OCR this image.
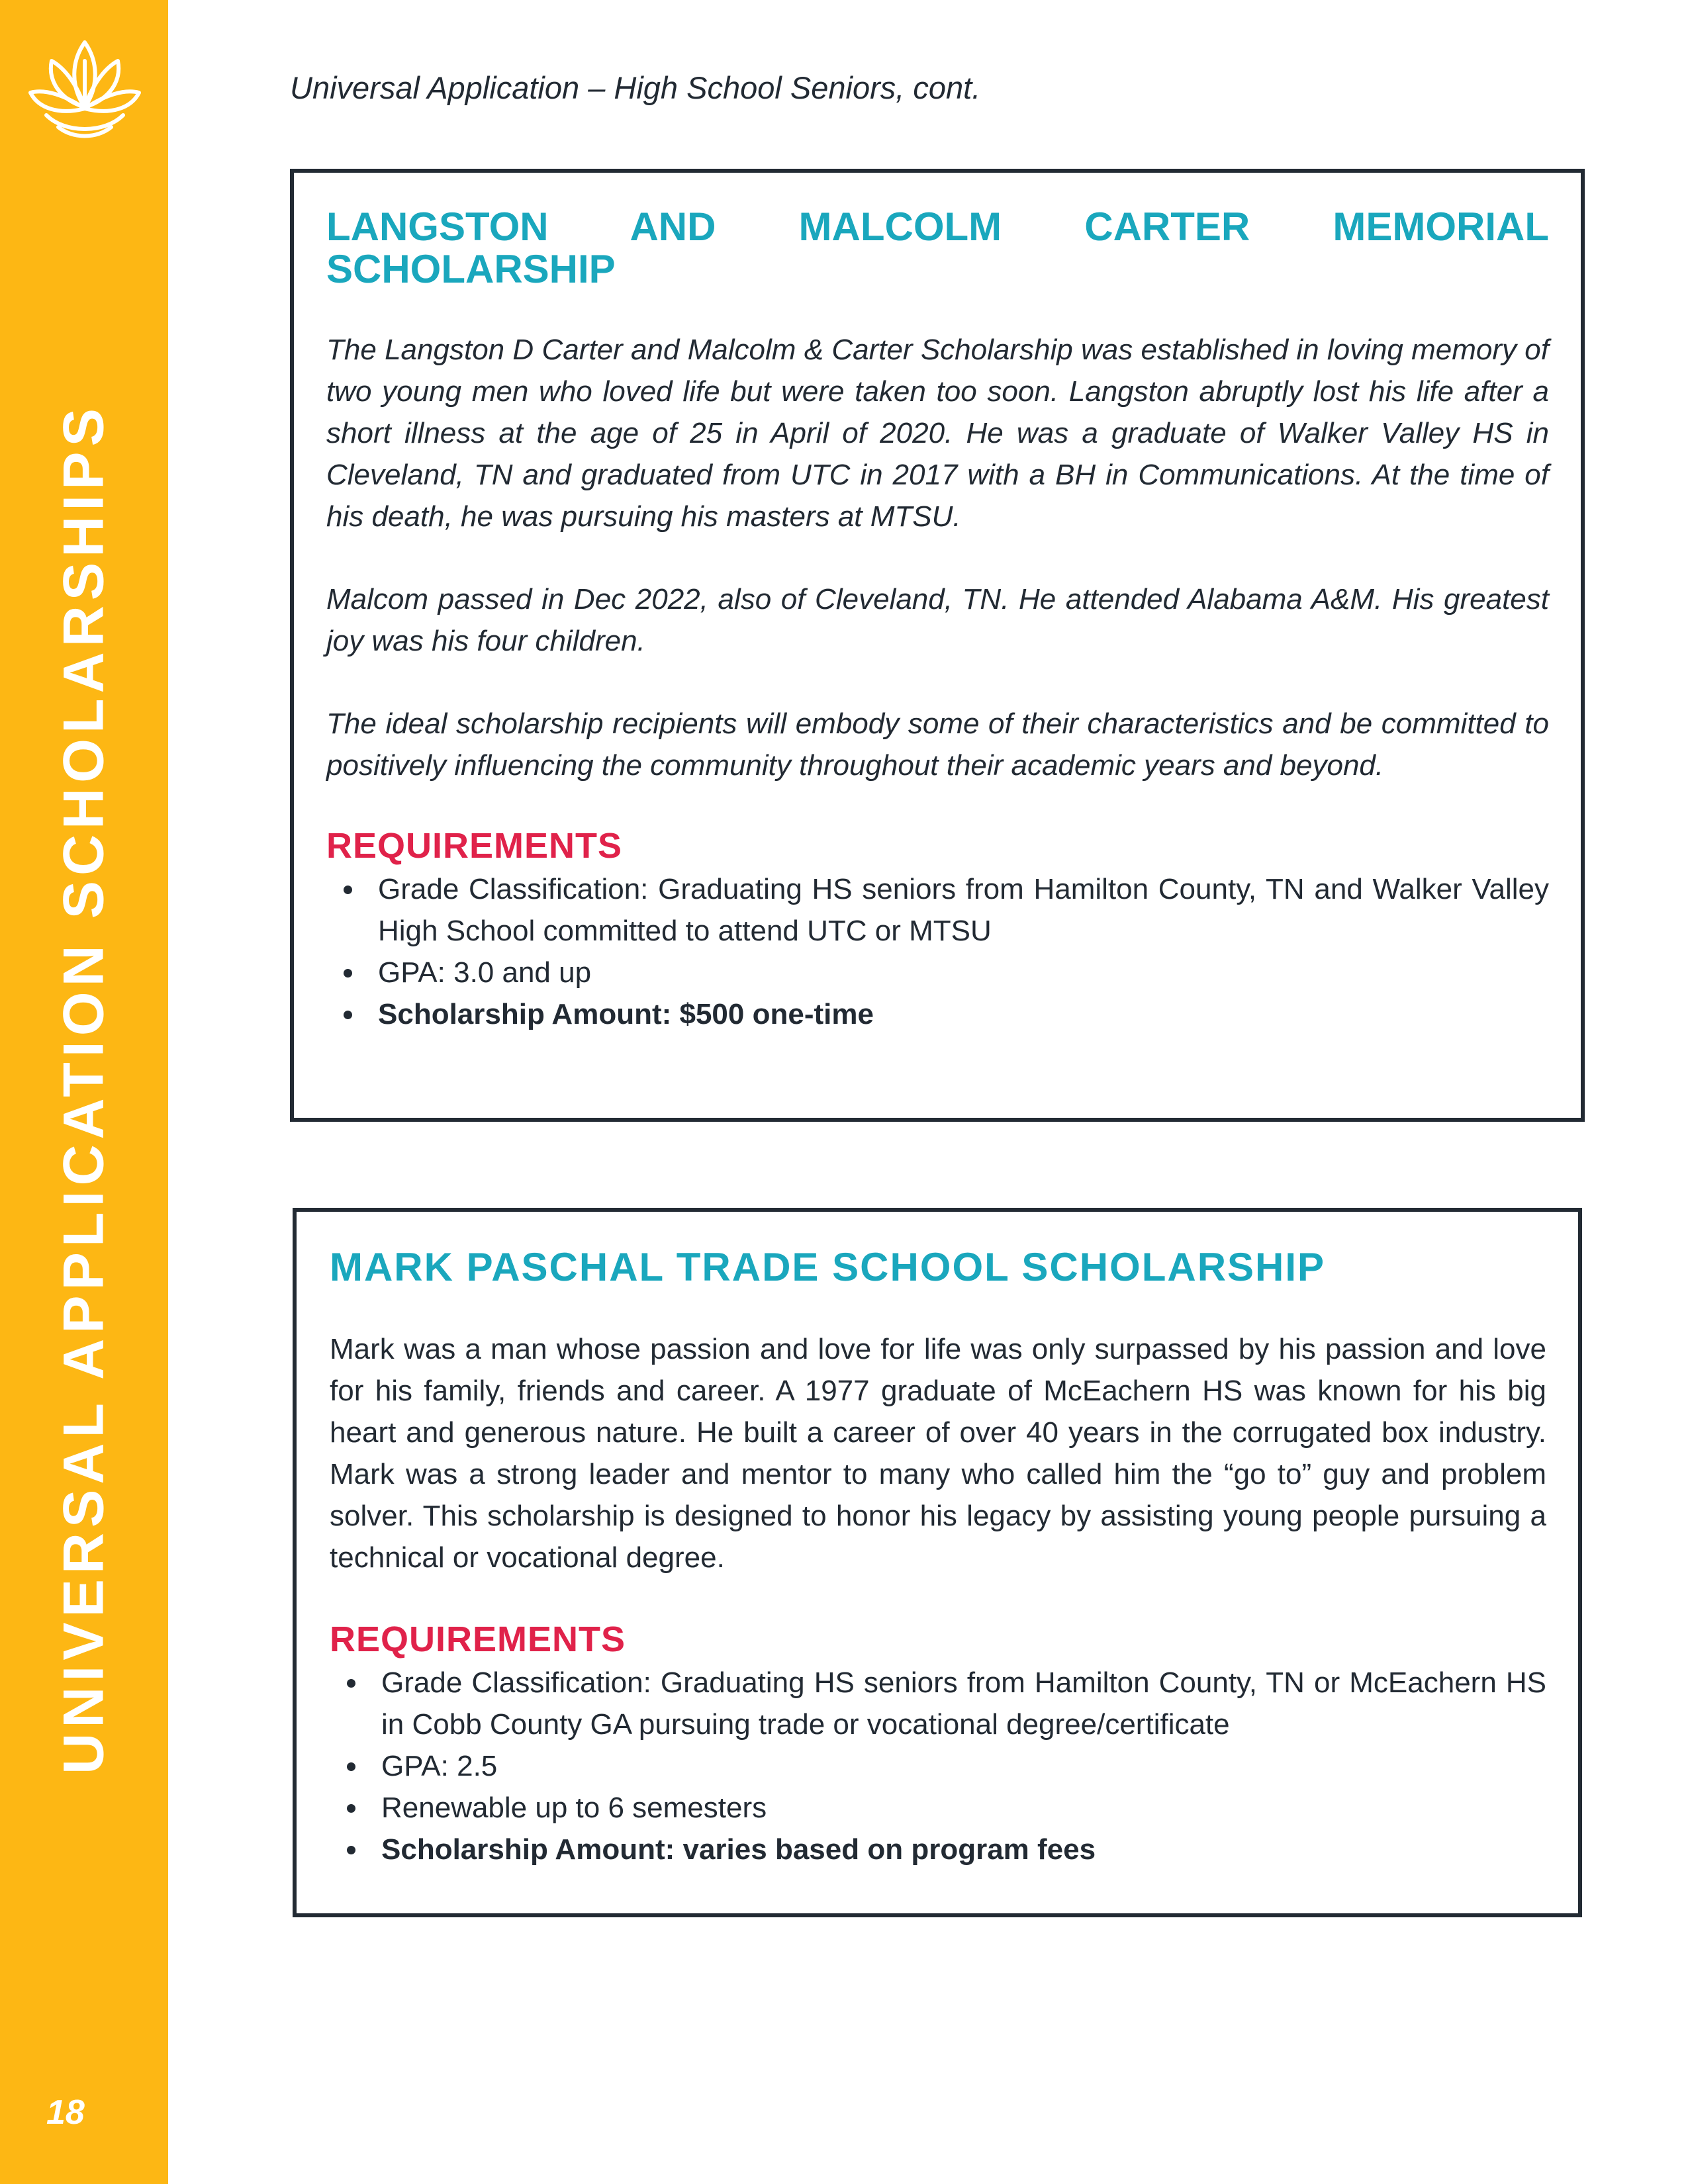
UNIVERSAL APPLICATION SCHOLARSHIPS
18
Universal Application – High School Seniors, cont.
LANGSTON AND MALCOLM CARTER MEMORIAL SCHOLARSHIP

The Langston D Carter and Malcolm & Carter Scholarship was established in loving memory of two young men who loved life but were taken too soon. Langston abruptly lost his life after a short illness at the age of 25 in April of 2020. He was a graduate of Walker Valley HS in Cleveland, TN and graduated from UTC in 2017 with a BH in Communications. At the time of his death, he was pursuing his masters at MTSU.

Malcom passed in Dec 2022, also of Cleveland, TN. He attended Alabama A&M. His greatest joy was his four children.

The ideal scholarship recipients will embody some of their characteristics and be committed to positively influencing the community throughout their academic years and beyond.

REQUIREMENTS
Grade Classification: Graduating HS seniors from Hamilton County, TN and Walker Valley High School committed to attend UTC or MTSU
GPA: 3.0 and up
Scholarship Amount: $500 one-time
MARK PASCHAL TRADE SCHOOL SCHOLARSHIP

Mark was a man whose passion and love for life was only surpassed by his passion and love for his family, friends and career. A 1977 graduate of McEachern HS was known for his big heart and generous nature. He built a career of over 40 years in the corrugated box industry. Mark was a strong leader and mentor to many who called him the “go to” guy and problem solver. This scholarship is designed to honor his legacy by assisting young people pursuing a technical or vocational degree.

REQUIREMENTS
Grade Classification: Graduating HS seniors from Hamilton County, TN or McEachern HS in Cobb County GA pursuing trade or vocational degree/certificate
GPA: 2.5
Renewable up to 6 semesters
Scholarship Amount: varies based on program fees
